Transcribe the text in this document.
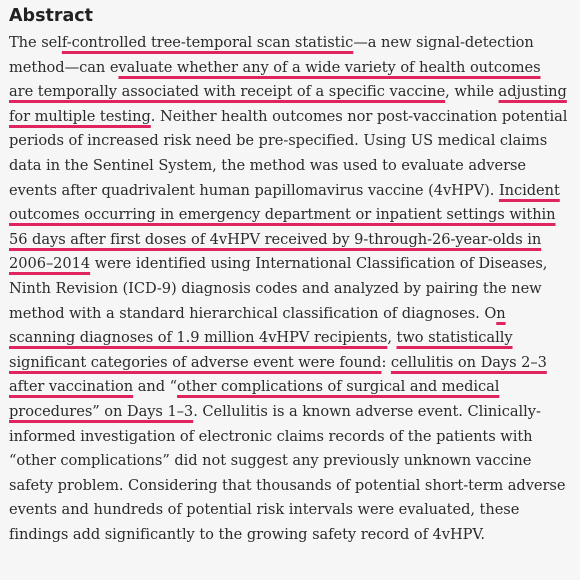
Abstract

The self-controlled tree-temporal scan statistic—a new signal-detection method—can evaluate whether any of a wide variety of health outcomes are temporally associated with receipt of a specific vaccine, while adjusting for multiple testing. Neither health outcomes nor post-vaccination potential periods of increased risk need be pre-specified. Using US medical claims data in the Sentinel System, the method was used to evaluate adverse events after quadrivalent human papillomavirus vaccine (4vHPV). Incident outcomes occurring in emergency department or inpatient settings within 56 days after first doses of 4vHPV received by 9-through-26-year-olds in 2006–2014 were identified using International Classification of Diseases, Ninth Revision (ICD-9) diagnosis codes and analyzed by pairing the new method with a standard hierarchical classification of diagnoses. On scanning diagnoses of 1.9 million 4vHPV recipients, two statistically significant categories of adverse event were found: cellulitis on Days 2–3 after vaccination and “other complications of surgical and medical procedures” on Days 1–3. Cellulitis is a known adverse event. Clinically-informed investigation of electronic claims records of the patients with “other complications” did not suggest any previously unknown vaccine safety problem. Considering that thousands of potential short-term adverse events and hundreds of potential risk intervals were evaluated, these findings add significantly to the growing safety record of 4vHPV.
